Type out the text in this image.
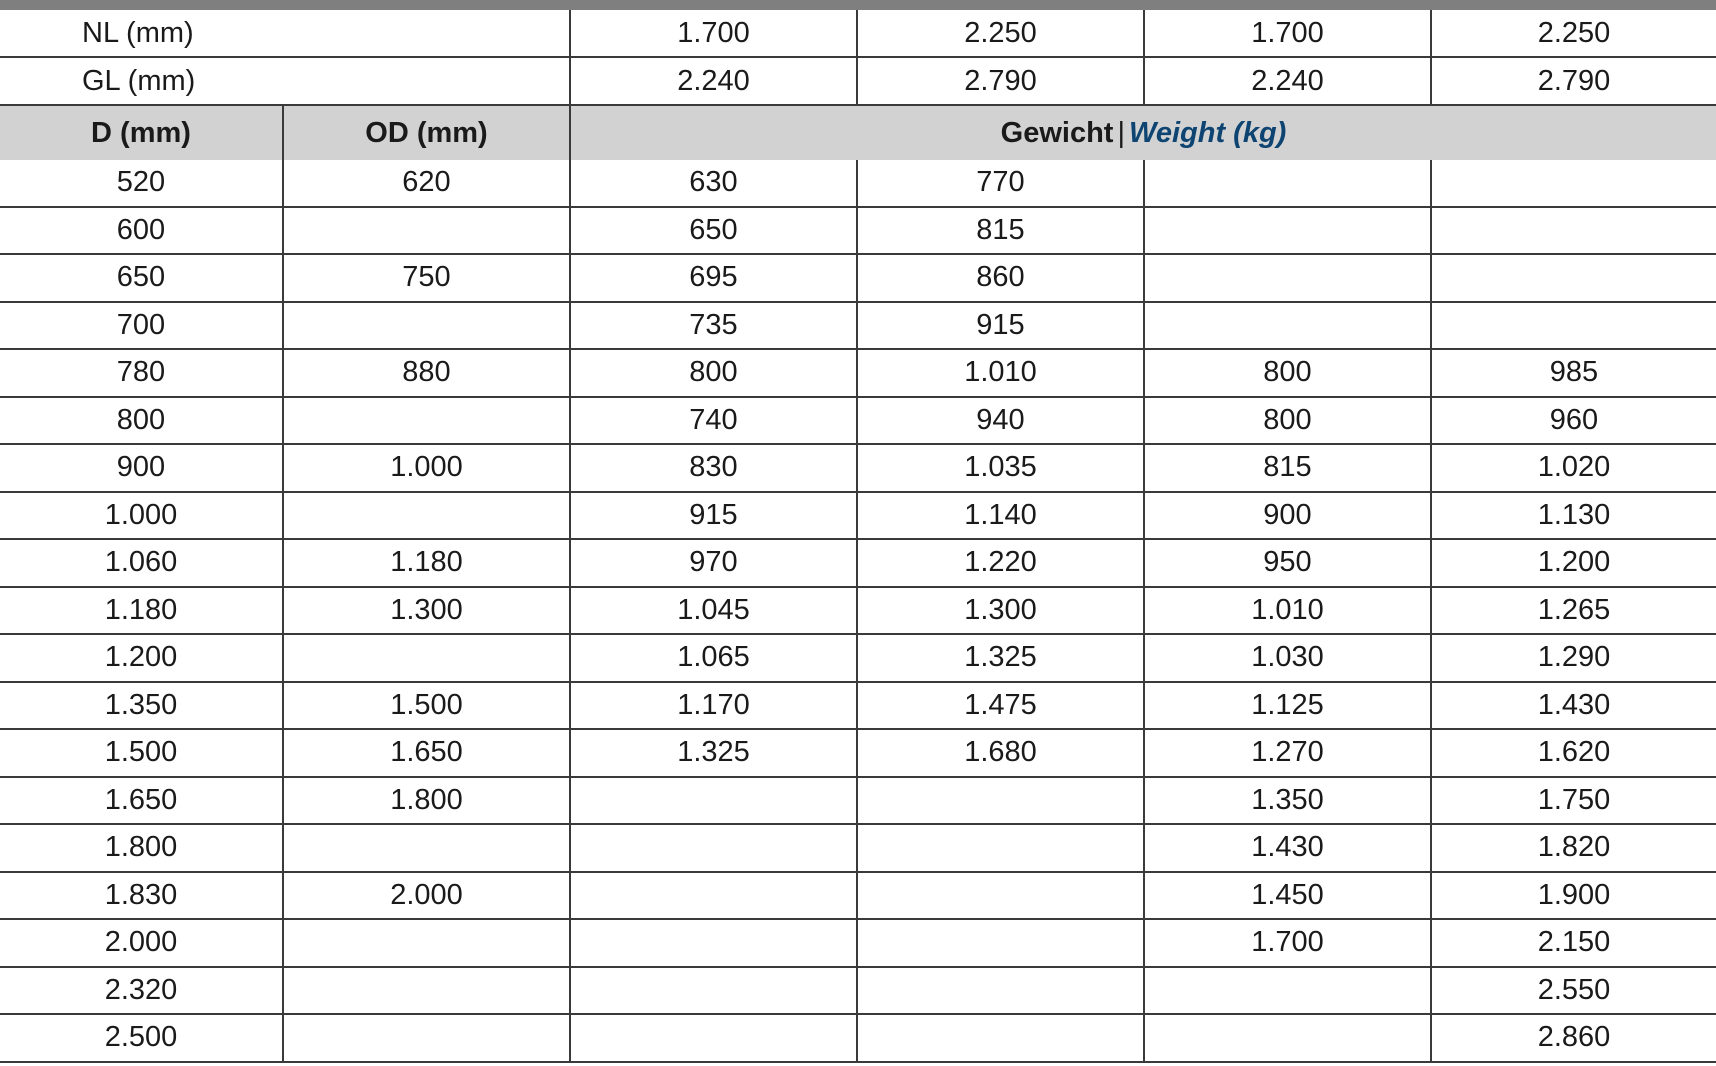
NL (mm)		1.700	2.250	1.700	2.250
GL (mm)		2.240	2.790	2.240	2.790
D (mm)	OD (mm)	Gewicht | Weight (kg)			
520	620	630	770		
600		650	815		
650	750	695	860		
700		735	915		
780	880	800	1.010	800	985
800		740	940	800	960
900	1.000	830	1.035	815	1.020
1.000		915	1.140	900	1.130
1.060	1.180	970	1.220	950	1.200
1.180	1.300	1.045	1.300	1.010	1.265
1.200		1.065	1.325	1.030	1.290
1.350	1.500	1.170	1.475	1.125	1.430
1.500	1.650	1.325	1.680	1.270	1.620
1.650	1.800			1.350	1.750
1.800				1.430	1.820
1.830	2.000			1.450	1.900
2.000				1.700	2.150
2.320					2.550
2.500					2.860
